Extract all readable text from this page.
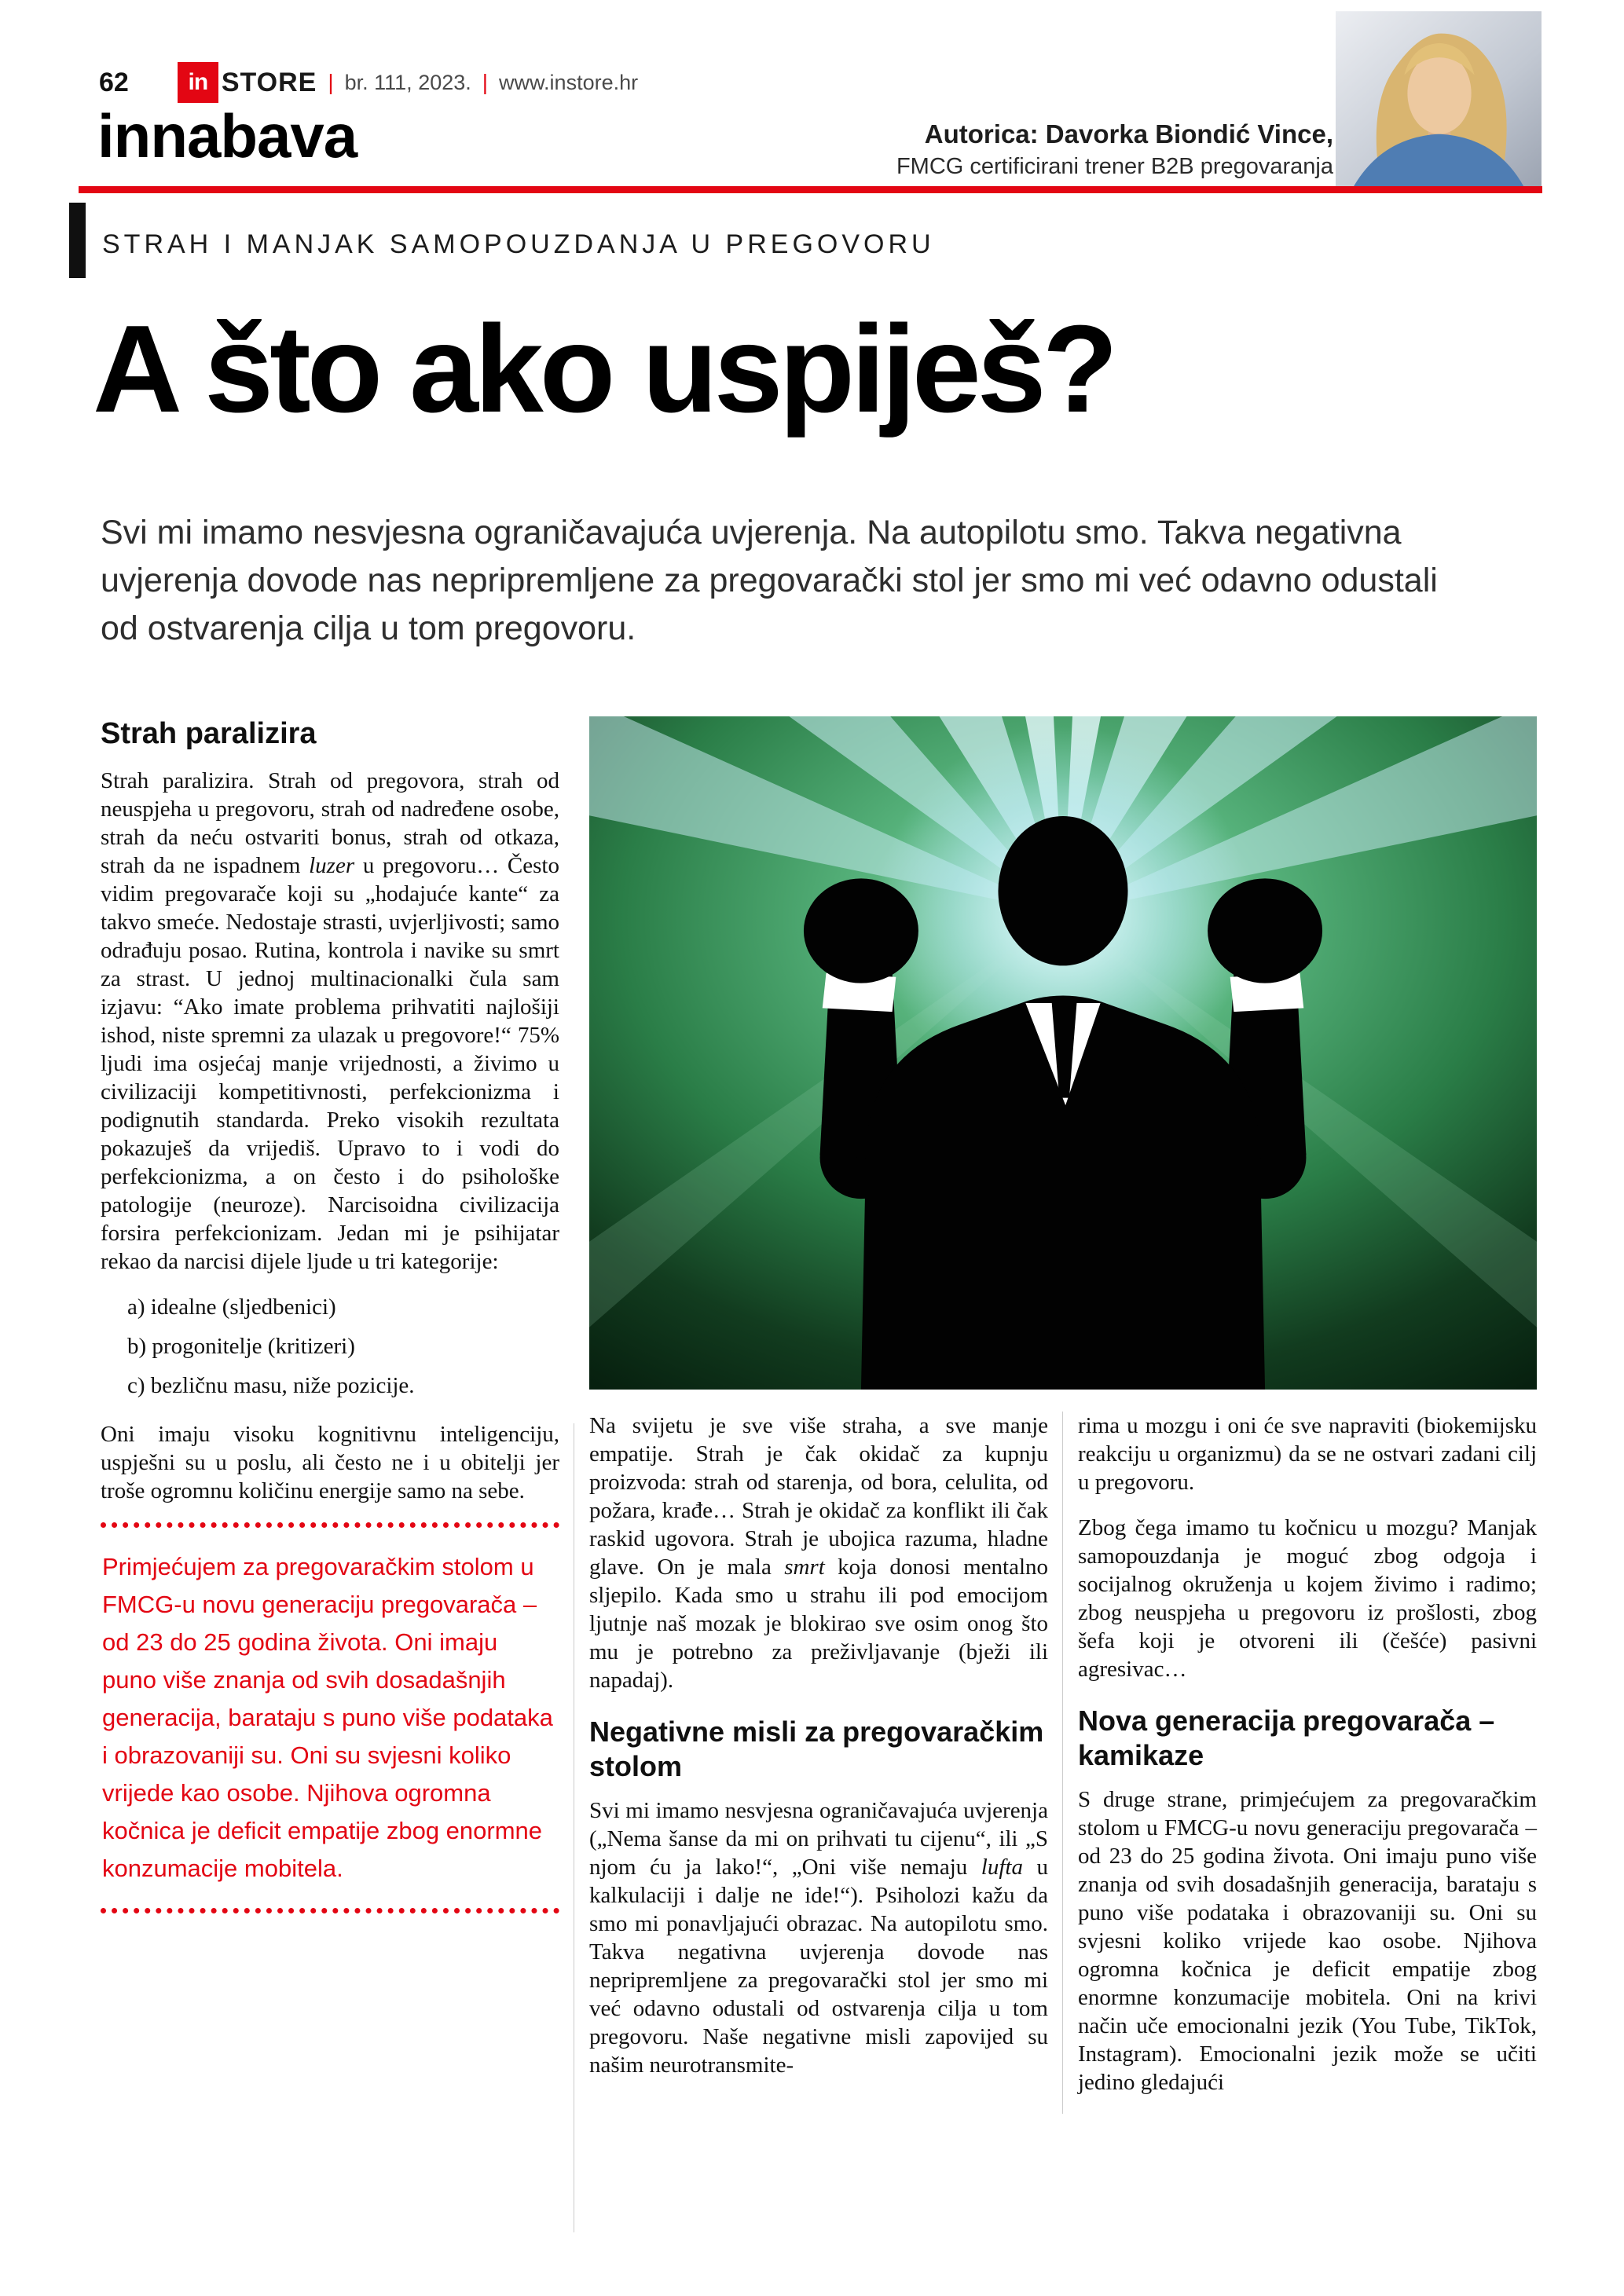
62	in STORE | br. 111, 2023. | www.instore.hr
innabava	Autorica: Davorka Biondić Vince,
FMCG certificirani trener B2B pregovaranja
STRAH I MANJAK SAMOPOUZDANJA U PREGOVORU
A što ako uspiješ?

Svi mi imamo nesvjesna ograničavajuća uvjerenja. Na autopilotu smo. Takva negativna uvjerenja dovode nas nepripremljene za pregovarački stol jer smo mi već odavno odustali od ostvarenja cilja u tom pregovoru.

Strah paralizira

Strah paralizira. Strah od pregovora, strah od neuspjeha u pregovoru, strah od nadređene osobe, strah da neću ostvariti bonus, strah od otkaza, strah da ne ispadnem luzer u pregovoru… Često vidim pregovarače koji su „hodajuće kante“ za takvo smeće. Nedostaje strasti, uvjerljivosti; samo odrađuju posao. Rutina, kontrola i navike su smrt za strast. U jednoj multinacionalki čula sam izjavu: “Ako imate problema prihvatiti najlošiji ishod, niste spremni za ulazak u pregovore!“ 75% ljudi ima osjećaj manje vrijednosti, a živimo u civilizaciji kompetitivnosti, perfekcionizma i podignutih standarda. Preko visokih rezultata pokazuješ da vrijediš. Upravo to i vodi do perfekcionizma, a on često i do psihološke patologije (neuroze). Narcisoidna civilizacija forsira perfekcionizam. Jedan mi je psihijatar rekao da narcisi dijele ljude u tri kategorije:

a) idealne (sljedbenici)
b) progonitelje (kritizeri)
c) bezličnu masu, niže pozicije.

Oni imaju visoku kognitivnu inteligenciju, uspješni su u poslu, ali često ne i u obitelji jer troše ogromnu količinu energije samo na sebe.

Primjećujem za pregovaračkim stolom u FMCG-u novu generaciju pregovarača – od 23 do 25 godina života. Oni imaju puno više znanja od svih dosadašnjih generacija, barataju s puno više podataka i obrazovaniji su. Oni su svjesni koliko vrijede kao osobe. Njihova ogromna kočnica je deficit empatije zbog enormne konzumacije mobitela.

Na svijetu je sve više straha, a sve manje empatije. Strah je čak okidač za kupnju proizvoda: strah od starenja, od bora, celulita, od požara, krađe… Strah je okidač za konflikt ili čak raskid ugovora. Strah je ubojica razuma, hladne glave. On je mala smrt koja donosi mentalno sljepilo. Kada smo u strahu ili pod emocijom ljutnje naš mozak je blokirao sve osim onog što mu je potrebno za preživljavanje (bježi ili napadaj).

Negativne misli za pregovaračkim stolom

Svi mi imamo nesvjesna ograničavajuća uvjerenja („Nema šanse da mi on prihvati tu cijenu“, ili „S njom ću ja lako!“, „Oni više nemaju lufta u kalkulaciji i dalje ne ide!“). Psiholozi kažu da smo mi ponavljajući obrazac. Na autopilotu smo. Takva negativna uvjerenja dovode nas nepripremljene za pregovarački stol jer smo mi već odavno odustali od ostvarenja cilja u tom pregovoru. Naše negativne misli zapovijed su našim neurotransmite-

rima u mozgu i oni će sve napraviti (biokemijsku reakciju u organizmu) da se ne ostvari zadani cilj u pregovoru.

Zbog čega imamo tu kočnicu u mozgu? Manjak samopouzdanja je moguć zbog odgoja i socijalnog okruženja u kojem živimo i radimo; zbog neuspjeha u pregovoru iz prošlosti, zbog šefa koji je otvoreni ili (češće) pasivni agresivac…

Nova generacija pregovarača – kamikaze

S druge strane, primjećujem za pregovaračkim stolom u FMCG-u novu generaciju pregovarača – od 23 do 25 godina života. Oni imaju puno više znanja od svih dosadašnjih generacija, barataju s puno više podataka i obrazovaniji su. Oni su svjesni koliko vrijede kao osobe. Njihova ogromna kočnica je deficit empatije zbog enormne konzumacije mobitela. Oni na krivi način uče emocionalni jezik (You Tube, TikTok, Instagram). Emocionalni jezik može se učiti jedino gledajući
